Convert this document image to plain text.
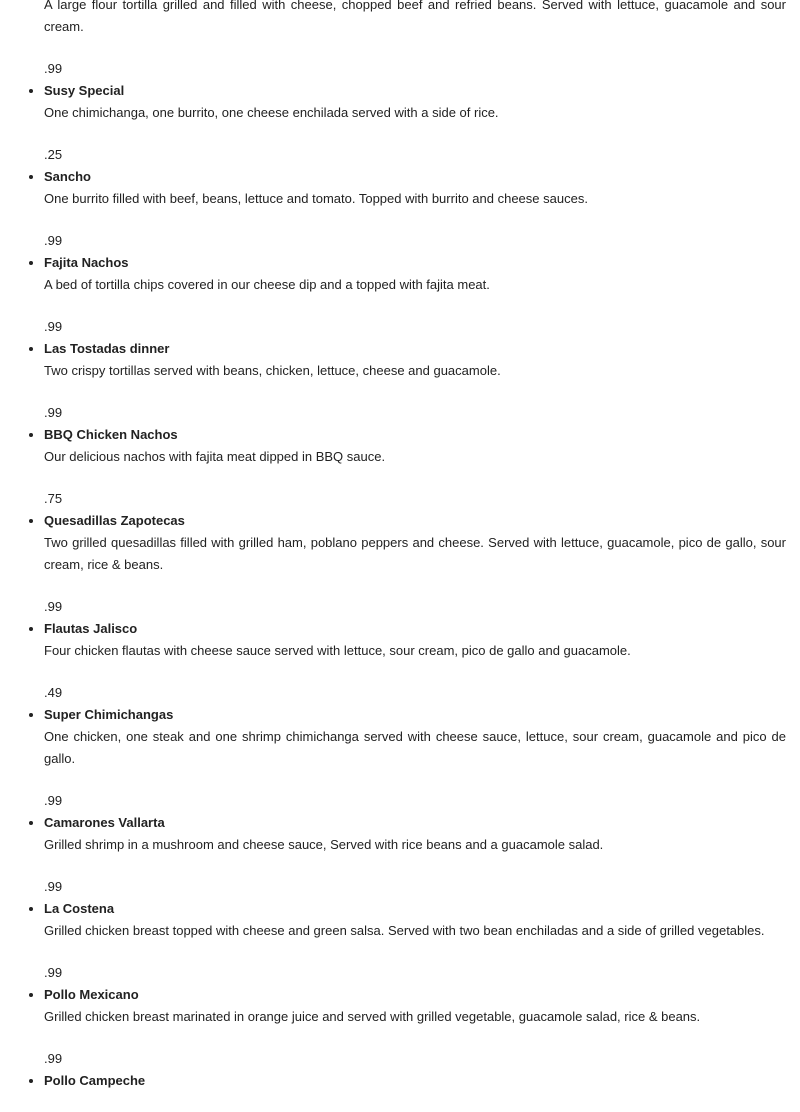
A large flour tortilla grilled and filled with cheese, chopped beef and refried beans. Served with lettuce, guacamole and sour cream.
.99
• Susy Special
One chimichanga, one burrito, one cheese enchilada served with a side of rice.
.25
• Sancho
One burrito filled with beef, beans, lettuce and tomato. Topped with burrito and cheese sauces.
.99
• Fajita Nachos
A bed of tortilla chips covered in our cheese dip and a topped with fajita meat.
.99
• Las Tostadas dinner
Two crispy tortillas served with beans, chicken, lettuce, cheese and guacamole.
.99
• BBQ Chicken Nachos
Our delicious nachos with fajita meat dipped in BBQ sauce.
.75
• Quesadillas Zapotecas
Two grilled quesadillas filled with grilled ham, poblano peppers and cheese. Served with lettuce, guacamole, pico de gallo, sour cream, rice & beans.
.99
• Flautas Jalisco
Four chicken flautas with cheese sauce served with lettuce, sour cream, pico de gallo and guacamole.
.49
• Super Chimichangas
One chicken, one steak and one shrimp chimichanga served with cheese sauce, lettuce, sour cream, guacamole and pico de gallo.
.99
• Camarones Vallarta
Grilled shrimp in a mushroom and cheese sauce, Served with rice beans and a guacamole salad.
.99
• La Costena
Grilled chicken breast topped with cheese and green salsa. Served with two bean enchiladas and a side of grilled vegetables.
.99
• Pollo Mexicano
Grilled chicken breast marinated in orange juice and served with grilled vegetable, guacamole salad, rice & beans.
.99
• Pollo Campeche
